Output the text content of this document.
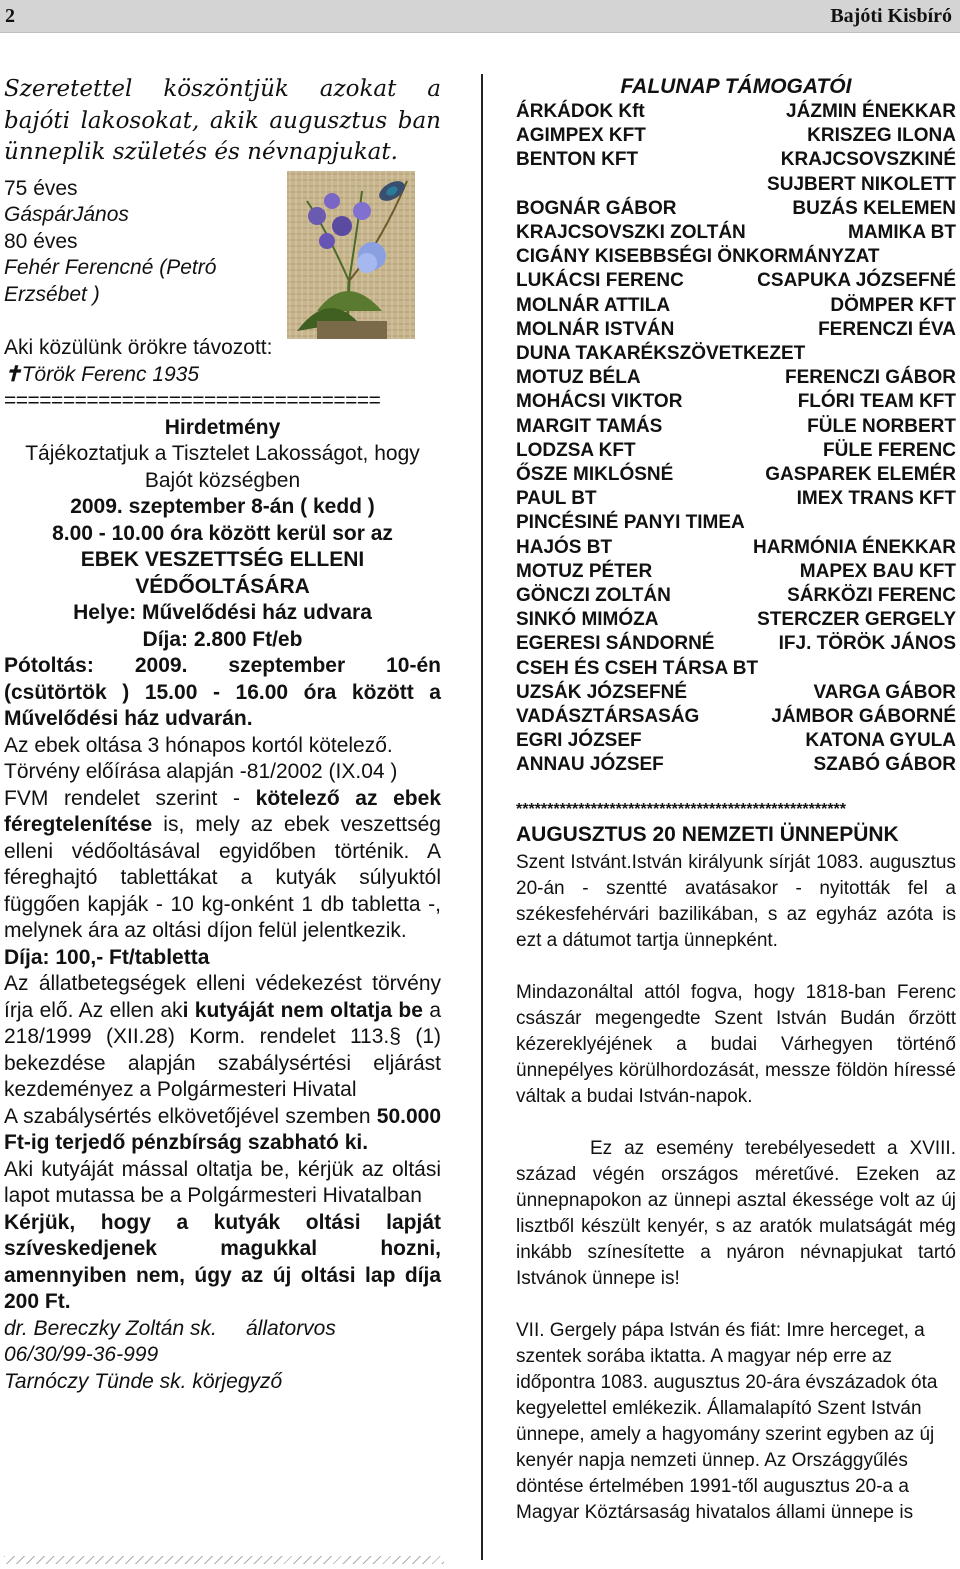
2	Bajóti Kisbíró

Szeretettel köszöntjük azokat a bajóti lakosokat, akik augusztus ban ünneplik születés és névnapjukat.

75 éves

GáspárJános

80 éves

Fehér Ferencné (Petró

Erzsébet )

Aki közülünk örökre távozott:

✝Török Ferenc 1935

================================

Hirdetmény

Tájékoztatjuk a Tisztelet Lakosságot, hogy

Bajót községben

2009. szeptember 8-án ( kedd )

8.00 - 10.00 óra között kerül sor az

EBEK VESZETTSÉG ELLENI

VÉDŐOLTÁSÁRA

Helye: Művelődési ház udvara

Díja: 2.800 Ft/eb

Pótoltás: 2009. szeptember 10-én

(csütörtök ) 15.00 - 16.00 óra között a

Művelődési ház udvarán.

Az ebek oltása 3 hónapos kortól kötelező.

Törvény előírása alapján -81/2002 (IX.04 )

FVM rendelet szerint - kötelező az ebek féregtelenítése is, mely az ebek veszettség elleni védőoltásával egyidőben történik. A féreghajtó tablettákat a kutyák súlyuktól függően kapják - 10 kg-onként 1 db tabletta -, melynek ára az oltási díjon felül jelentkezik.

Díja: 100,- Ft/tabletta

Az állatbetegségek elleni védekezést törvény írja elő. Az ellen aki kutyáját nem oltatja be a 218/1999 (XII.28) Korm. rendelet 113.§ (1) bekezdése alapján szabálysértési eljárást kezdeményez a Polgármesteri Hivatal

A szabálysértés elkövetőjével szemben 50.000 Ft-ig terjedő pénzbírság szabható ki.

Aki kutyáját mással oltatja be, kérjük az oltási lapot mutassa be a Polgármesteri Hivatalban

Kérjük, hogy a kutyák oltási lapját szíveskedjenek magukkal hozni, amennyiben nem, úgy az új oltási lap díja 200 Ft.

dr. Bereczky Zoltán sk. állatorvos

06/30/99-36-999

Tarnóczy Tünde sk. körjegyző

FALUNAP TÁMOGATÓI

ÁRKÁDOK Kft	JÁZMIN ÉNEKKAR

AGIMPEX KFT	KRISZEG ILONA

BENTON KFT	KRAJCSOVSZKINÉ

SUJBERT NIKOLETT

BOGNÁR GÁBOR	BUZÁS KELEMEN

KRAJCSOVSZKI ZOLTÁN	MAMIKA BT

CIGÁNY KISEBBSÉGI ÖNKORMÁNYZAT

LUKÁCSI FERENC	CSAPUKA JÓZSEFNÉ

MOLNÁR ATTILA	DÖMPER KFT

MOLNÁR ISTVÁN	FERENCZI ÉVA

DUNA TAKARÉKSZÖVETKEZET

MOTUZ BÉLA	FERENCZI GÁBOR

MOHÁCSI VIKTOR	FLÓRI TEAM KFT

MARGIT TAMÁS	FÜLE NORBERT

LODZSA KFT	FÜLE FERENC

ŐSZE MIKLÓSNÉ	GASPAREK ELEMÉR

PAUL BT	IMEX TRANS KFT

PINCÉSINÉ PANYI TIMEA

HAJÓS BT	HARMÓNIA ÉNEKKAR

MOTUZ PÉTER	MAPEX BAU KFT

GÖNCZI ZOLTÁN	SÁRKÖZI FERENC

SINKÓ MIMÓZA	STERCZER GERGELY

EGERESI SÁNDORNÉ	IFJ. TÖRÖK JÁNOS

CSEH ÉS CSEH TÁRSA BT

UZSÁK JÓZSEFNÉ	VARGA GÁBOR

VADÁSZTÁRSASÁG	JÁMBOR GÁBORNÉ

EGRI JÓZSEF	KATONA GYULA

ANNAU JÓZSEF	SZABÓ GÁBOR

*****************************************************

AUGUSZTUS 20 NEMZETI ÜNNEPÜNK

Szent Istvánt.István királyunk sírját 1083. augusztus 20-án - szentté avatásakor - nyitották fel a székesfehérvári bazilikában, s az egyház azóta is ezt a dátumot tartja ünnepként.

Mindazonáltal attól fogva, hogy 1818-ban Ferenc császár megengedte Szent István Budán őrzött kézereklyéjének a budai Várhegyen történő ünnepélyes körülhordozását, messze földön híressé váltak a budai István-napok.

Ez az esemény terebélyesedett a XVIII. század végén országos méretűvé. Ezeken az ünnepnapokon az ünnepi asztal ékessége volt az új lisztből készült kenyér, s az aratók mulatságát még inkább színesítette a nyáron névnapjukat tartó Istvánok ünnepe is!

VII. Gergely pápa István és fiát: Imre herceget, a szentek sorába iktatta. A magyar nép erre az időpontra 1083. augusztus 20-ára évszázadok óta kegyelettel emlékezik. Államalapító Szent István ünnepe, amely a hagyomány szerint egyben az új kenyér napja nemzeti ünnep. Az Országgyűlés döntése értelmében 1991-től augusztus 20-a a Magyar Köztársaság hivatalos állami ünnepe is
